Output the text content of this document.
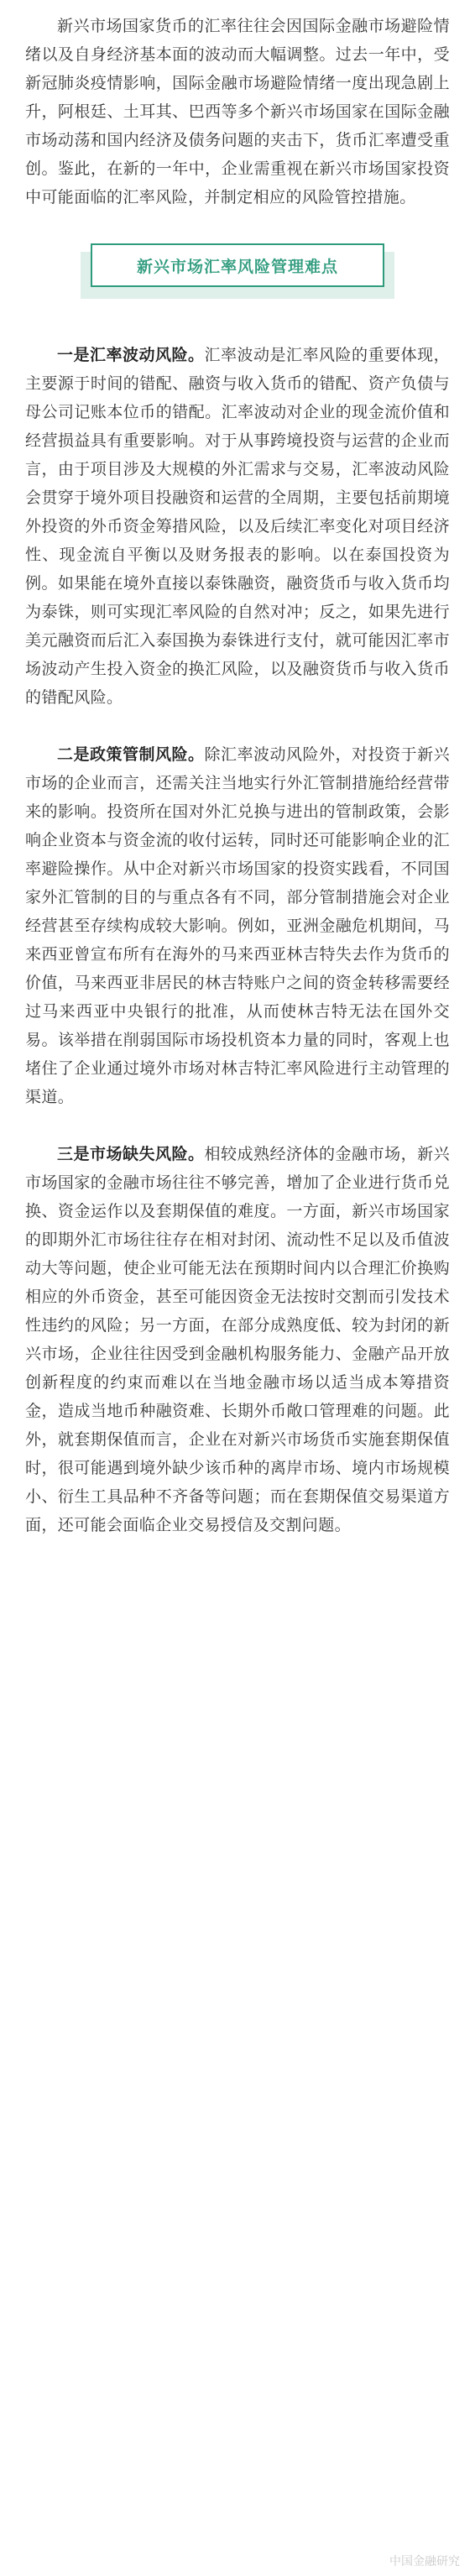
新兴市场国家货币的汇率往往会因国际金融市场避险情绪以及自身经济基本面的波动而大幅调整。过去一年中，受新冠肺炎疫情影响，国际金融市场避险情绪一度出现急剧上升，阿根廷、土耳其、巴西等多个新兴市场国家在国际金融市场动荡和国内经济及债务问题的夹击下，货币汇率遭受重创。鉴此，在新的一年中，企业需重视在新兴市场国家投资中可能面临的汇率风险，并制定相应的风险管控措施。

新兴市场汇率风险管理难点

一是汇率波动风险。汇率波动是汇率风险的重要体现，主要源于时间的错配、融资与收入货币的错配、资产负债与母公司记账本位币的错配。汇率波动对企业的现金流价值和经营损益具有重要影响。对于从事跨境投资与运营的企业而言，由于项目涉及大规模的外汇需求与交易，汇率波动风险会贯穿于境外项目投融资和运营的全周期，主要包括前期境外投资的外币资金筹措风险，以及后续汇率变化对项目经济性、现金流自平衡以及财务报表的影响。以在泰国投资为例。如果能在境外直接以泰铢融资，融资货币与收入货币均为泰铢，则可实现汇率风险的自然对冲；反之，如果先进行美元融资而后汇入泰国换为泰铢进行支付，就可能因汇率市场波动产生投入资金的换汇风险，以及融资货币与收入货币的错配风险。

二是政策管制风险。除汇率波动风险外，对投资于新兴市场的企业而言，还需关注当地实行外汇管制措施给经营带来的影响。投资所在国对外汇兑换与进出的管制政策，会影响企业资本与资金流的收付运转，同时还可能影响企业的汇率避险操作。从中企对新兴市场国家的投资实践看，不同国家外汇管制的目的与重点各有不同，部分管制措施会对企业经营甚至存续构成较大影响。例如，亚洲金融危机期间，马来西亚曾宣布所有在海外的马来西亚林吉特失去作为货币的价值，马来西亚非居民的林吉特账户之间的资金转移需要经过马来西亚中央银行的批准，从而使林吉特无法在国外交易。该举措在削弱国际市场投机资本力量的同时，客观上也堵住了企业通过境外市场对林吉特汇率风险进行主动管理的渠道。

三是市场缺失风险。相较成熟经济体的金融市场，新兴市场国家的金融市场往往不够完善，增加了企业进行货币兑换、资金运作以及套期保值的难度。一方面，新兴市场国家的即期外汇市场往往存在相对封闭、流动性不足以及币值波动大等问题，使企业可能无法在预期时间内以合理汇价换购相应的外币资金，甚至可能因资金无法按时交割而引发技术性违约的风险；另一方面，在部分成熟度低、较为封闭的新兴市场，企业往往因受到金融机构服务能力、金融产品开放创新程度的约束而难以在当地金融市场以适当成本筹措资金，造成当地币种融资难、长期外币敞口管理难的问题。此外，就套期保值而言，企业在对新兴市场货币实施套期保值时，很可能遇到境外缺少该币种的离岸市场、境内市场规模小、衍生工具品种不齐备等问题；而在套期保值交易渠道方面，还可能会面临企业交易授信及交割问题。

中国金融研究
